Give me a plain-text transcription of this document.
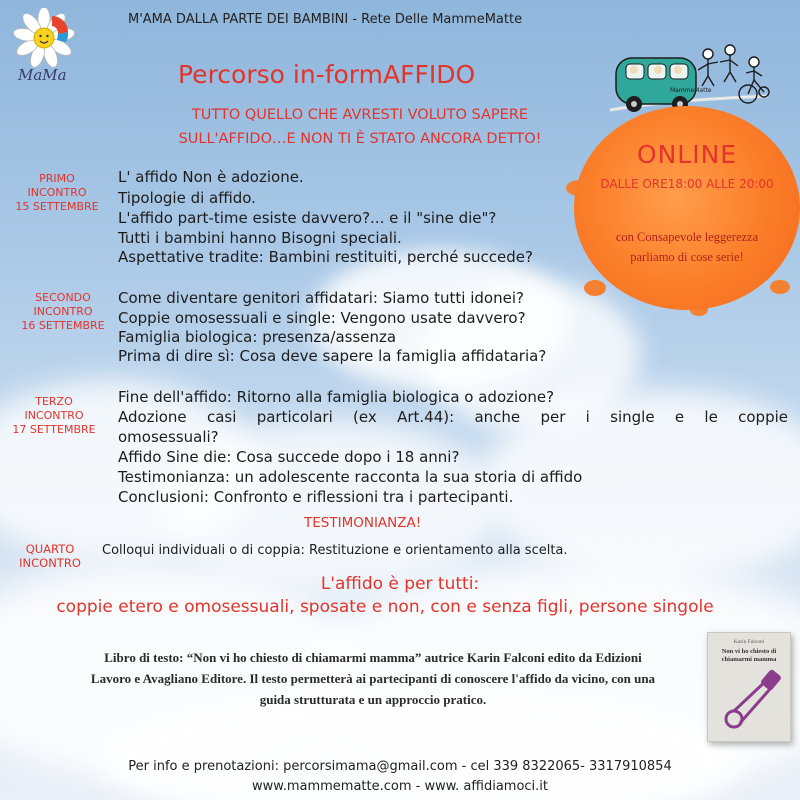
MaMa

M'AMA DALLA PARTE DEI BAMBINI - Rete Delle MammeMatte

Percorso in-formAFFIDO

TUTTO QUELLO CHE AVRESTI VOLUTO SAPERE

SULL'AFFIDO…E NON TI È STATO ANCORA DETTO!

MammeMatte
ONLINE
DALLE ORE18:00 ALLE 20:00
con Consapevole leggerezza
parliamo di cose serie!
PRIMO
INCONTRO
15 SETTEMBRE

L' affido Non è adozione.

Tipologie di affido.

L'affido part-time esiste davvero?... e il "sine die"?

Tutti i bambini hanno Bisogni speciali.

Aspettative tradite: Bambini restituiti, perché succede?

SECONDO
INCONTRO
16 SETTEMBRE

Come diventare genitori affidatari: Siamo tutti idonei?

Coppie omosessuali e single: Vengono usate davvero?

Famiglia biologica: presenza/assenza

Prima di dire sì: Cosa deve sapere la famiglia affidataria?

TERZO
INCONTRO
17 SETTEMBRE

Fine dell'affido: Ritorno alla famiglia biologica o adozione?

Adozione casi particolari (ex Art.44): anche per i single e le coppie

omosessuali?

Affido Sine die: Cosa succede dopo i 18 anni?

Testimonianza: un adolescente racconta la sua storia di affido

Conclusioni: Confronto e riflessioni tra i partecipanti.

TESTIMONIANZA!

QUARTO
INCONTRO

Colloqui individuali o di coppia: Restituzione e orientamento alla scelta.

L'affido è per tutti:

coppie etero e omosessuali, sposate e non, con e senza figli, persone singole

Libro di testo: “Non vi ho chiesto di chiamarmi mamma” autrice Karin Falconi edito da Edizioni
Lavoro e Avagliano Editore. Il testo permetterà ai partecipanti di conoscere l'affido da vicino, con una
guida strutturata e un approccio pratico.
Karin Falconi
Non vi ho chiesto di chiamarmi mamma
Per info e prenotazioni: percorsimama@gmail.com - cel 339 8322065- 3317910854
www.mammematte.com - www. affidiamoci.it
